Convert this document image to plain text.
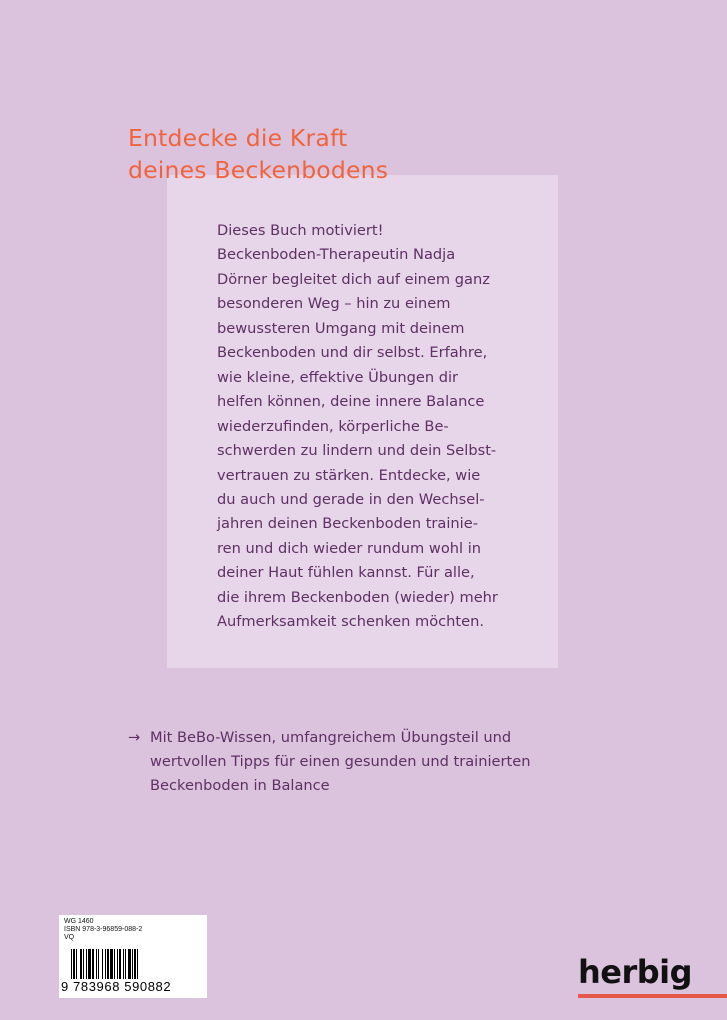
Entdecke die Kraft
deines Beckenbodens
Dieses Buch motiviert!
Beckenboden-Therapeutin Nadja
Dörner begleitet dich auf einem ganz
besonderen Weg – hin zu einem
bewussteren Umgang mit deinem
Beckenboden und dir selbst. Erfahre,
wie kleine, effektive Übungen dir
helfen können, deine innere Balance
wiederzufinden, körperliche Be-
schwerden zu lindern und dein Selbst-
vertrauen zu stärken. Entdecke, wie
du auch und gerade in den Wechsel-
jahren deinen Beckenboden trainie-
ren und dich wieder rundum wohl in
deiner Haut fühlen kannst. Für alle,
die ihrem Beckenboden (wieder) mehr
Aufmerksamkeit schenken möchten.
→ Mit BeBo-Wissen, umfangreichem Übungsteil und
wertvollen Tipps für einen gesunden und trainierten
Beckenboden in Balance
WG 1460
ISBN 978-3-96859-088-2
VQ
9 783968 590882	herbig
